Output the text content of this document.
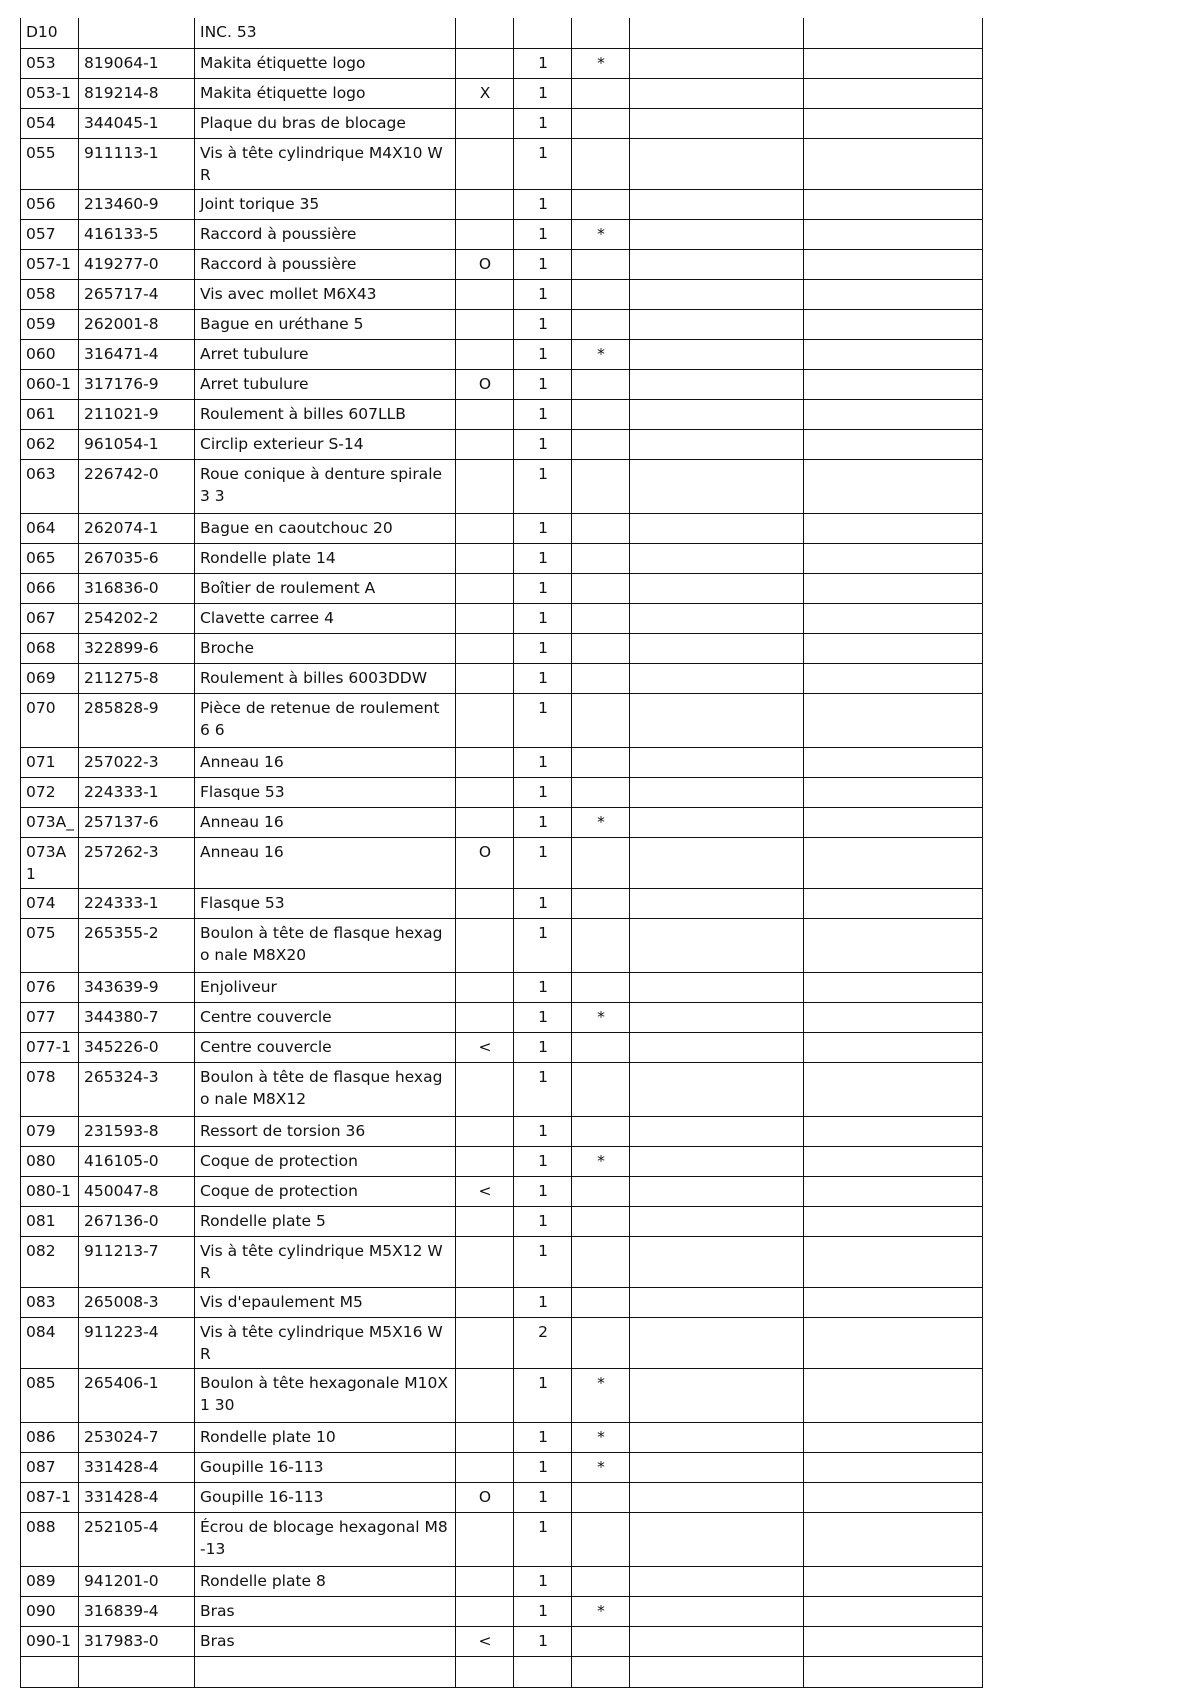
D10		INC. 53					
053	819064-1	Makita étiquette logo		1	*		
053-1	819214-8	Makita étiquette logo	X	1			
054	344045-1	Plaque du bras de blocage		1			
055	911113-1	Vis à tête cylindrique M4X10 WR		1			
056	213460-9	Joint torique 35		1			
057	416133-5	Raccord à poussière		1	*		
057-1	419277-0	Raccord à poussière	O	1			
058	265717-4	Vis avec mollet M6X43		1			
059	262001-8	Bague en uréthane 5		1			
060	316471-4	Arret tubulure		1	*		
060-1	317176-9	Arret tubulure	O	1			
061	211021-9	Roulement à billes 607LLB		1			
062	961054-1	Circlip exterieur S-14		1			
063	226742-0	Roue conique à denture spirale 3 3		1			
064	262074-1	Bague en caoutchouc 20		1			
065	267035-6	Rondelle plate 14		1			
066	316836-0	Boîtier de roulement A		1			
067	254202-2	Clavette carree 4		1			
068	322899-6	Broche		1			
069	211275-8	Roulement à billes 6003DDW		1			
070	285828-9	Pièce de retenue de roulement 6 6		1			
071	257022-3	Anneau 16		1			
072	224333-1	Flasque 53		1			
073A_	257137-6	Anneau 16		1	*		
073A1	257262-3	Anneau 16	O	1			
074	224333-1	Flasque 53		1			
075	265355-2	Boulon à tête de flasque hexago nale M8X20		1			
076	343639-9	Enjoliveur		1			
077	344380-7	Centre couvercle		1	*		
077-1	345226-0	Centre couvercle	<	1			
078	265324-3	Boulon à tête de flasque hexago nale M8X12		1			
079	231593-8	Ressort de torsion 36		1			
080	416105-0	Coque de protection		1	*		
080-1	450047-8	Coque de protection	<	1			
081	267136-0	Rondelle plate 5		1			
082	911213-7	Vis à tête cylindrique M5X12 WR		1			
083	265008-3	Vis d'epaulement M5		1			
084	911223-4	Vis à tête cylindrique M5X16 WR		2			
085	265406-1	Boulon à tête hexagonale M10X1 30		1	*		
086	253024-7	Rondelle plate 10		1	*		
087	331428-4	Goupille 16-113		1	*		
087-1	331428-4	Goupille 16-113	O	1			
088	252105-4	Écrou de blocage hexagonal M8-13		1			
089	941201-0	Rondelle plate 8		1			
090	316839-4	Bras		1	*		
090-1	317983-0	Bras	<	1			
